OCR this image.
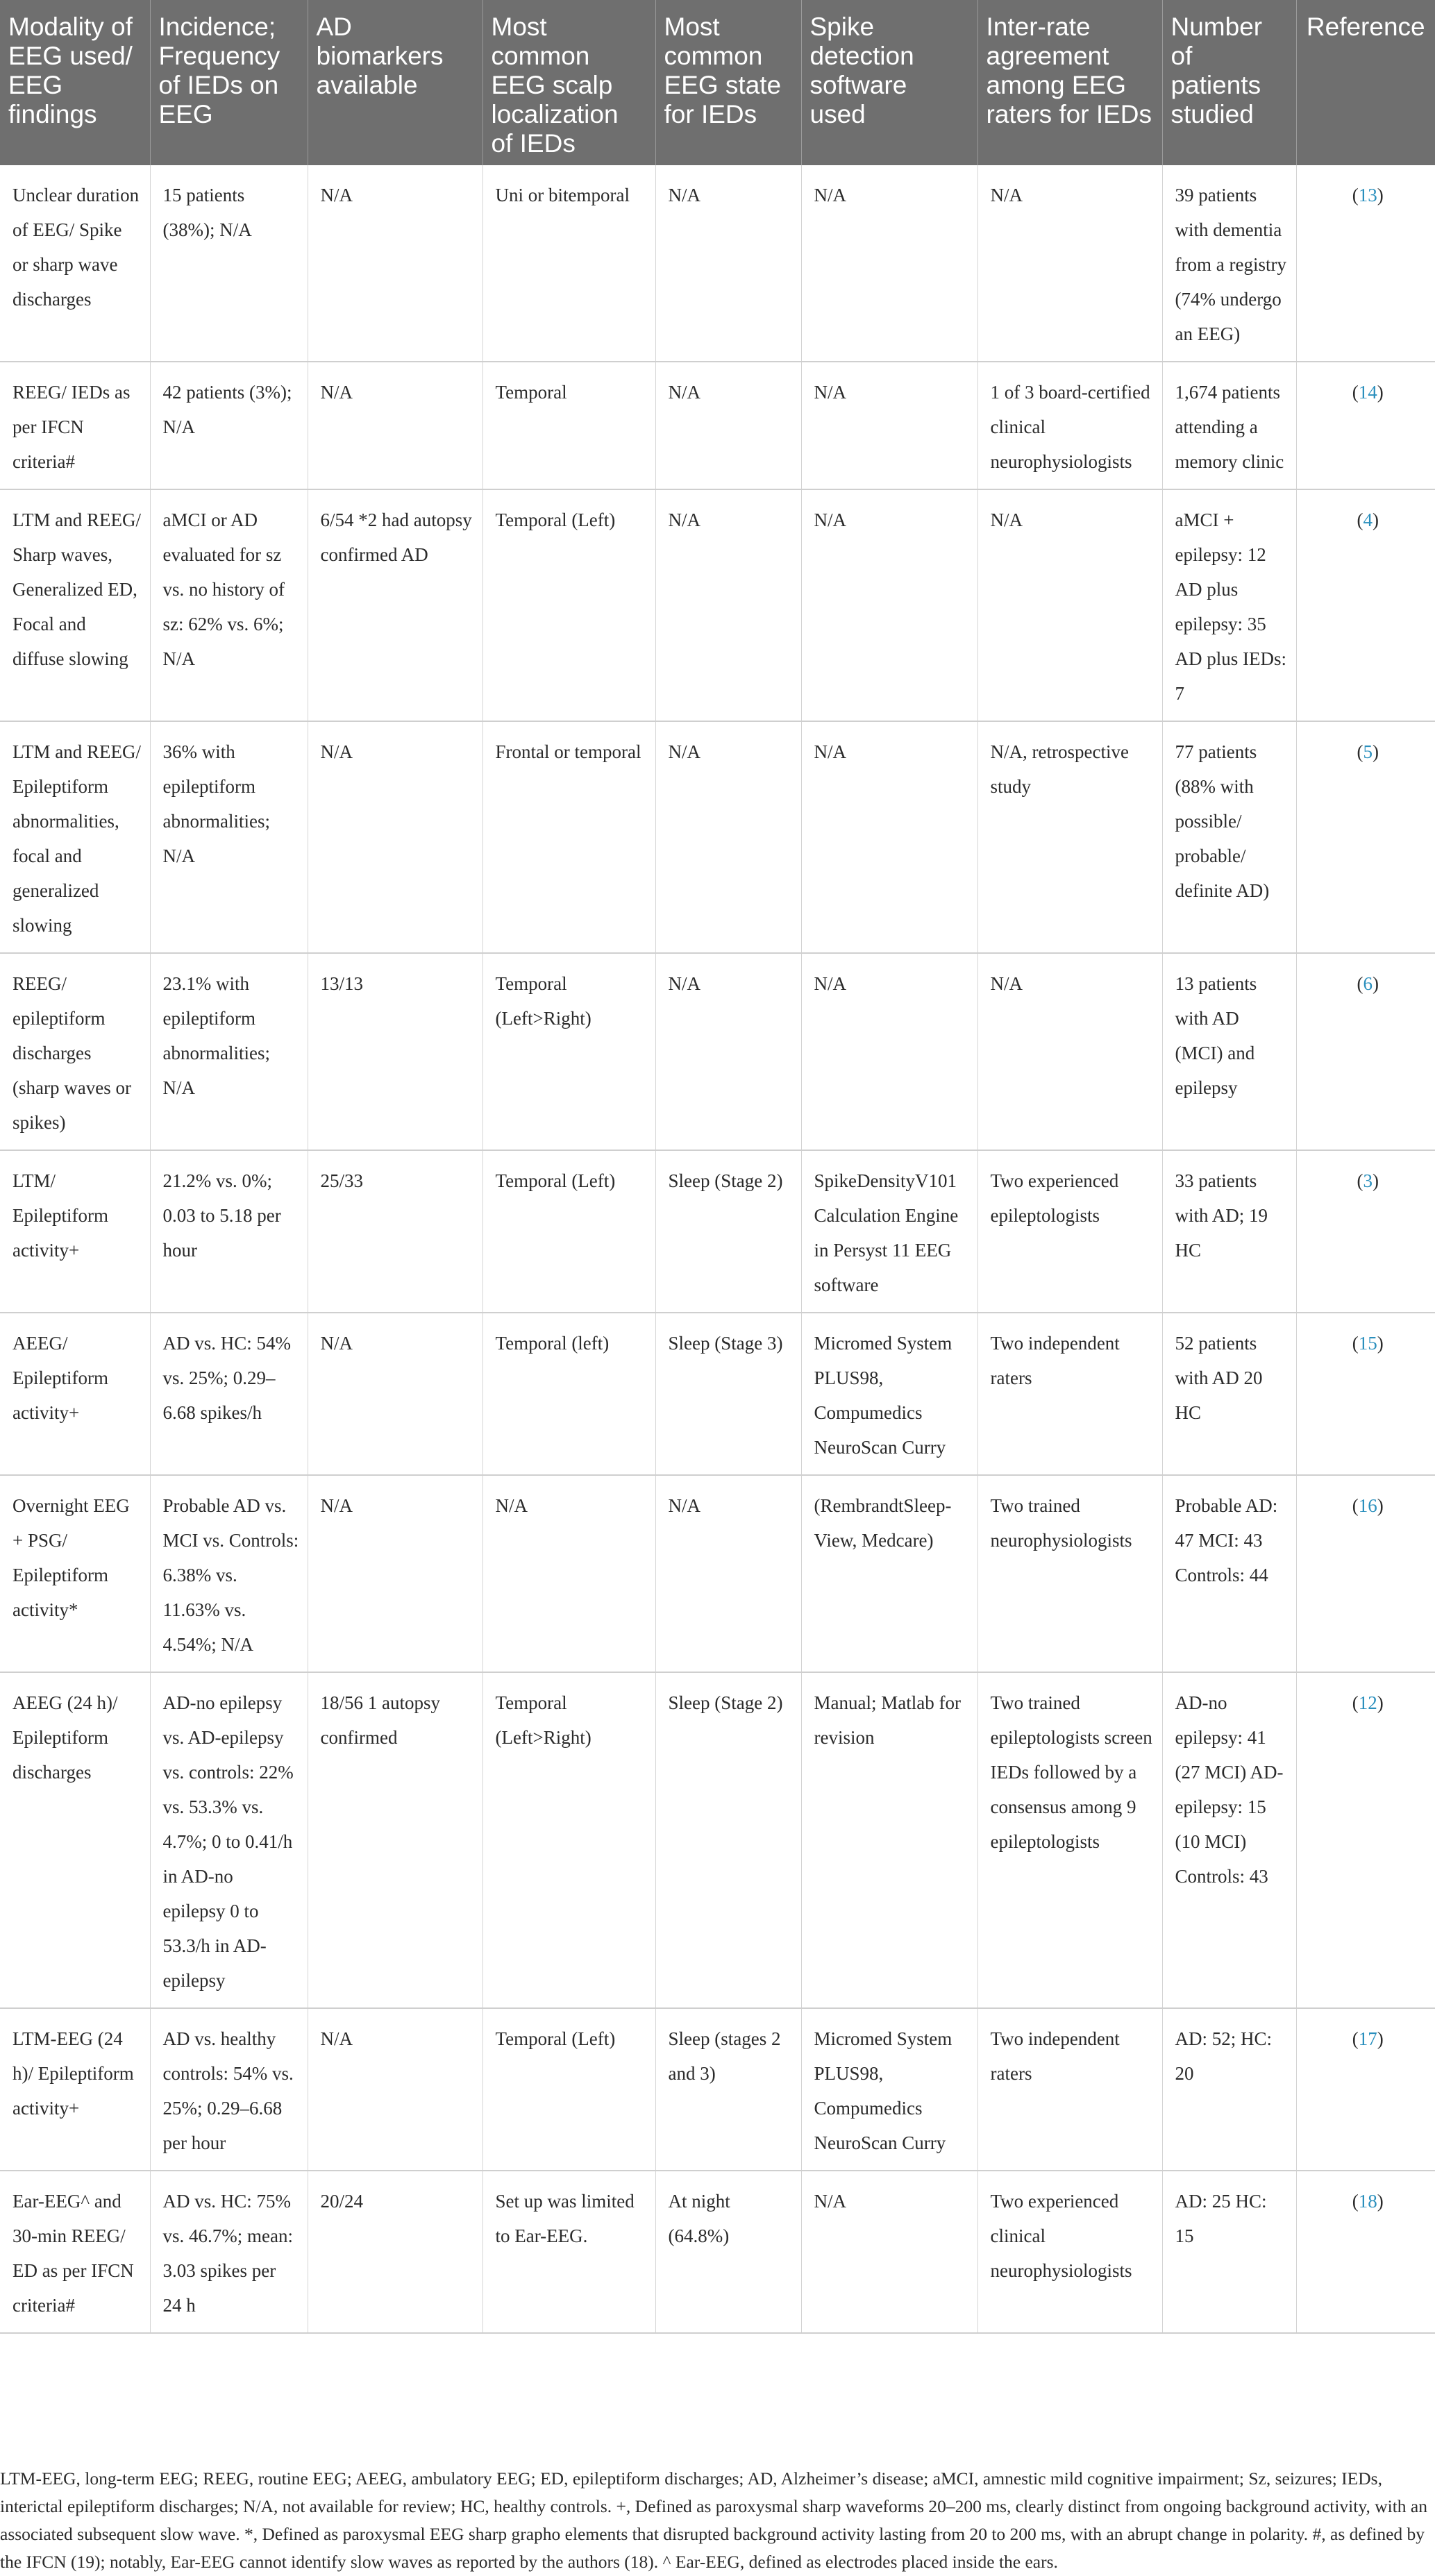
Modality of EEG used/ EEG findings	Incidence; Frequency of IEDs on EEG	AD biomarkers available	Most common EEG scalp localization of IEDs	Most common EEG state for IEDs	Spike detection software used	Inter-rate agreement among EEG raters for IEDs	Number of patients studied	Reference
Unclear duration of EEG/ Spike or sharp wave discharges	15 patients (38%); N/A	N/A	Uni or bitemporal	N/A	N/A	N/A	39 patients with dementia from a registry (74% undergo an EEG)	(13)
REEG/ IEDs as per IFCN criteria#	42 patients (3%); N/A	N/A	Temporal	N/A	N/A	1 of 3 board-certified clinical neurophysiologists	1,674 patients attending a memory clinic	(14)
LTM and REEG/ Sharp waves, Generalized ED, Focal and diffuse slowing	aMCI or AD evaluated for sz vs. no history of sz: 62% vs. 6%; N/A	6/54 *2 had autopsy confirmed AD	Temporal (Left)	N/A	N/A	N/A	aMCI + epilepsy: 12 AD plus epilepsy: 35 AD plus IEDs: 7	(4)
LTM and REEG/ Epileptiform abnormalities, focal and generalized slowing	36% with epileptiform abnormalities; N/A	N/A	Frontal or temporal	N/A	N/A	N/A, retrospective study	77 patients (88% with possible/ probable/ definite AD)	(5)
REEG/ epileptiform discharges (sharp waves or spikes)	23.1% with epileptiform abnormalities; N/A	13/13	Temporal (Left>Right)	N/A	N/A	N/A	13 patients with AD (MCI) and epilepsy	(6)
LTM/ Epileptiform activity+	21.2% vs. 0%; 0.03 to 5.18 per hour	25/33	Temporal (Left)	Sleep (Stage 2)	SpikeDensityV101 Calculation Engine in Persyst 11 EEG software	Two experienced epileptologists	33 patients with AD; 19 HC	(3)
AEEG/ Epileptiform activity+	AD vs. HC: 54% vs. 25%; 0.29–6.68 spikes/h	N/A	Temporal (left)	Sleep (Stage 3)	Micromed System PLUS98, Compumedics NeuroScan Curry	Two independent raters	52 patients with AD 20 HC	(15)
Overnight EEG + PSG/ Epileptiform activity*	Probable AD vs. MCI vs. Controls: 6.38% vs. 11.63% vs. 4.54%; N/A	N/A	N/A	N/A	(RembrandtSleep-View, Medcare)	Two trained neurophysiologists	Probable AD: 47 MCI: 43 Controls: 44	(16)
AEEG (24 h)/ Epileptiform discharges	AD-no epilepsy vs. AD-epilepsy vs. controls: 22% vs. 53.3% vs. 4.7%; 0 to 0.41/h in AD-no epilepsy 0 to 53.3/h in AD-epilepsy	18/56 1 autopsy confirmed	Temporal (Left>Right)	Sleep (Stage 2)	Manual; Matlab for revision	Two trained epileptologists screen IEDs followed by a consensus among 9 epileptologists	AD-no epilepsy: 41 (27 MCI) AD-epilepsy: 15 (10 MCI) Controls: 43	(12)
LTM-EEG (24 h)/ Epileptiform activity+	AD vs. healthy controls: 54% vs. 25%; 0.29–6.68 per hour	N/A	Temporal (Left)	Sleep (stages 2 and 3)	Micromed System PLUS98, Compumedics NeuroScan Curry	Two independent raters	AD: 52; HC: 20	(17)
Ear-EEG^ and 30-min REEG/ ED as per IFCN criteria#	AD vs. HC: 75% vs. 46.7%; mean: 3.03 spikes per 24 h	20/24	Set up was limited to Ear-EEG.	At night (64.8%)	N/A	Two experienced clinical neurophysiologists	AD: 25 HC: 15	(18)

LTM-EEG, long-term EEG; REEG, routine EEG; AEEG, ambulatory EEG; ED, epileptiform discharges; AD, Alzheimer’s disease; aMCI, amnestic mild cognitive impairment; Sz, seizures; IEDs, interictal epileptiform discharges; N/A, not available for review; HC, healthy controls. +, Defined as paroxysmal sharp waveforms 20–200 ms, clearly distinct from ongoing background activity, with an associated subsequent slow wave. *, Defined as paroxysmal EEG sharp grapho elements that disrupted background activity lasting from 20 to 200 ms, with an abrupt change in polarity. #, as defined by the IFCN (19); notably, Ear-EEG cannot identify slow waves as reported by the authors (18). ^ Ear-EEG, defined as electrodes placed inside the ears.
